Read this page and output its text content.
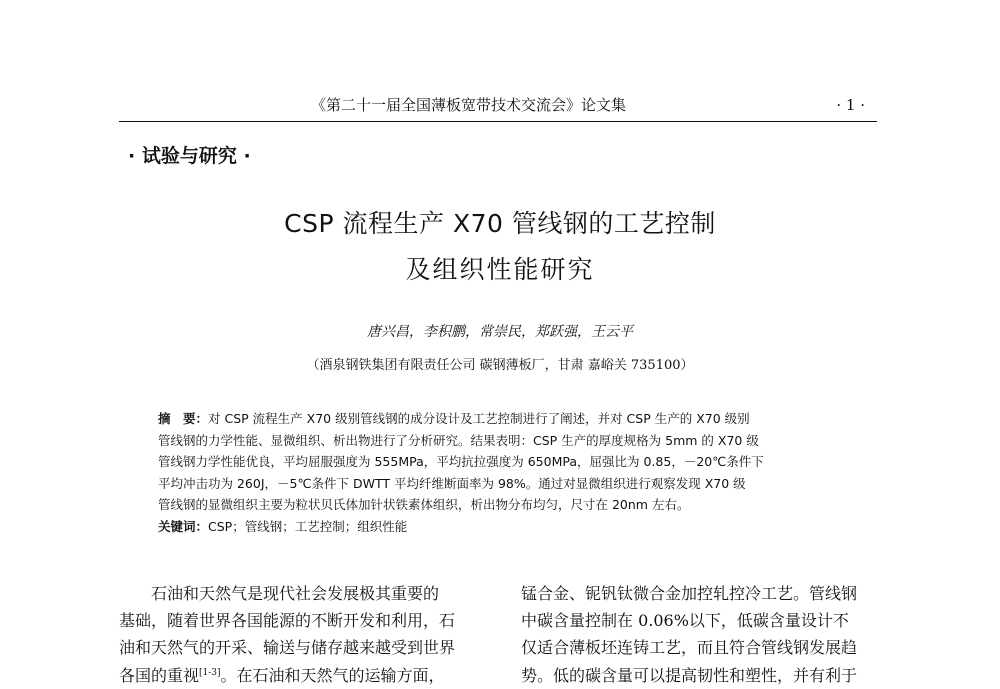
《第二十一届全国薄板宽带技术交流会》论文集	· 1 ·
· 试验与研究 ·
CSP 流程生产 X70 管线钢的工艺控制
及组织性能研究
唐兴昌，李积鹏，常崇民，郑跃强，王云平
（酒泉钢铁集团有限责任公司 碳钢薄板厂，甘肃 嘉峪关 735100）
摘　要：对 CSP 流程生产 X70 级别管线钢的成分设计及工艺控制进行了阐述，并对 CSP 生产的 X70 级别
管线钢的力学性能、显微组织、析出物进行了分析研究。结果表明：CSP 生产的厚度规格为 5mm 的 X70 级
管线钢力学性能优良，平均屈服强度为 555MPa，平均抗拉强度为 650MPa，屈强比为 0.85，－20℃条件下
平均冲击功为 260J，－5℃条件下 DWTT 平均纤维断面率为 98%。通过对显微组织进行观察发现 X70 级
管线钢的显微组织主要为粒状贝氏体加针状铁素体组织，析出物分布均匀，尺寸在 20nm 左右。
关键词：CSP；管线钢；工艺控制；组织性能
石油和天然气是现代社会发展极其重要的
基础，随着世界各国能源的不断开发和利用，石
油和天然气的开采、输送与储存越来越受到世界
各国的重视[1-3]。在石油和天然气的运输方面，
锰合金、铌钒钛微合金加控轧控冷工艺。管线钢
中碳含量控制在 0.06%以下，低碳含量设计不
仅适合薄板坯连铸工艺，而且符合管线钢发展趋
势。低的碳含量可以提高韧性和塑性，并有利于
